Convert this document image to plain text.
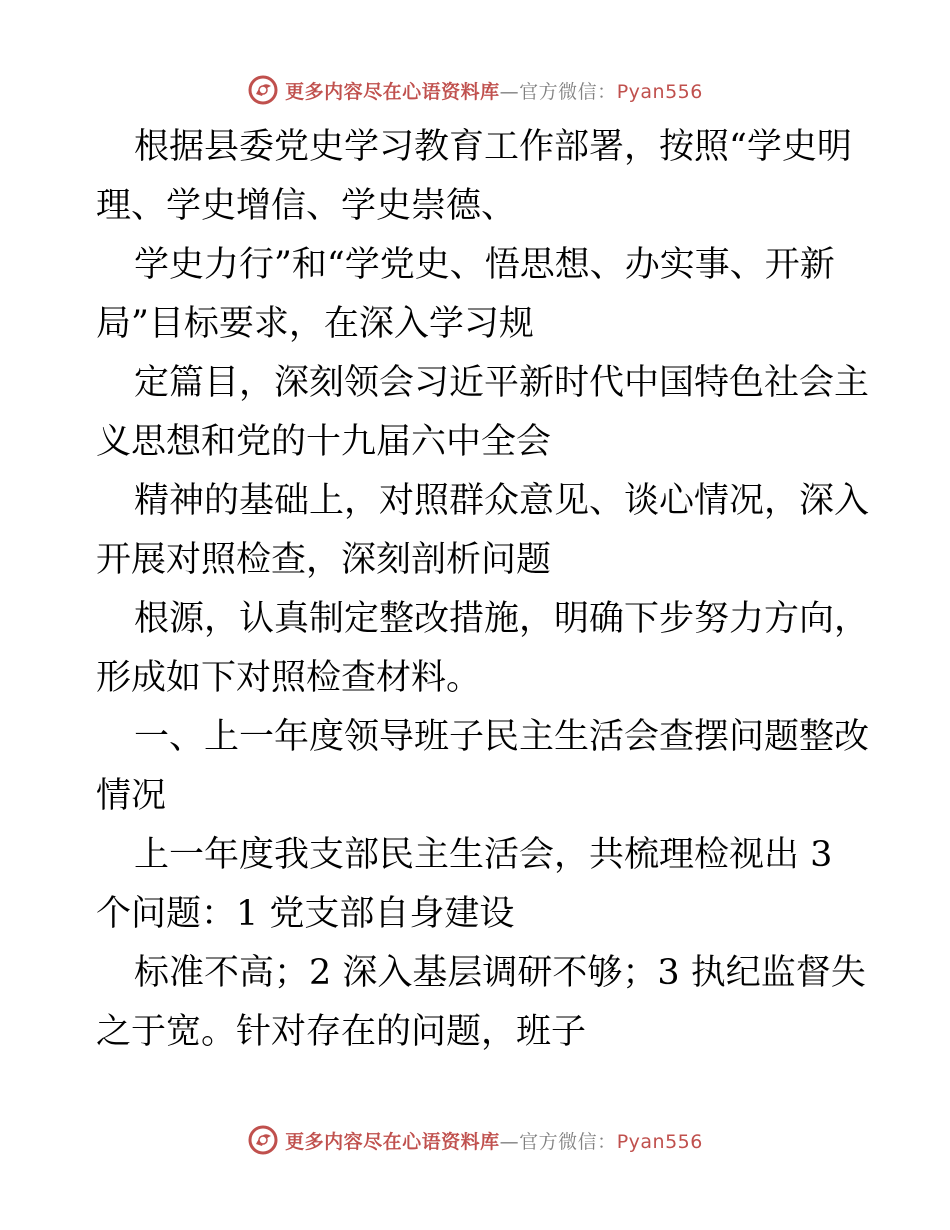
更多内容尽在心语资料库—官方微信：Pyan556

根据县委党史学习教育工作部署，按照“学史明
理、学史增信、学史崇德、

学史力行”和“学党史、悟思想、办实事、开新
局”目标要求，在深入学习规

定篇目，深刻领会习近平新时代中国特色社会主
义思想和党的十九届六中全会

精神的基础上，对照群众意见、谈心情况，深入
开展对照检查，深刻剖析问题

根源，认真制定整改措施，明确下步努力方向，
形成如下对照检查材料。

一、上一年度领导班子民主生活会查摆问题整改
情况

上一年度我支部民主生活会，共梳理检视出 3
个问题：1 党支部自身建设

标准不高；2 深入基层调研不够；3 执纪监督失
之于宽。针对存在的问题，班子

更多内容尽在心语资料库—官方微信：Pyan556
